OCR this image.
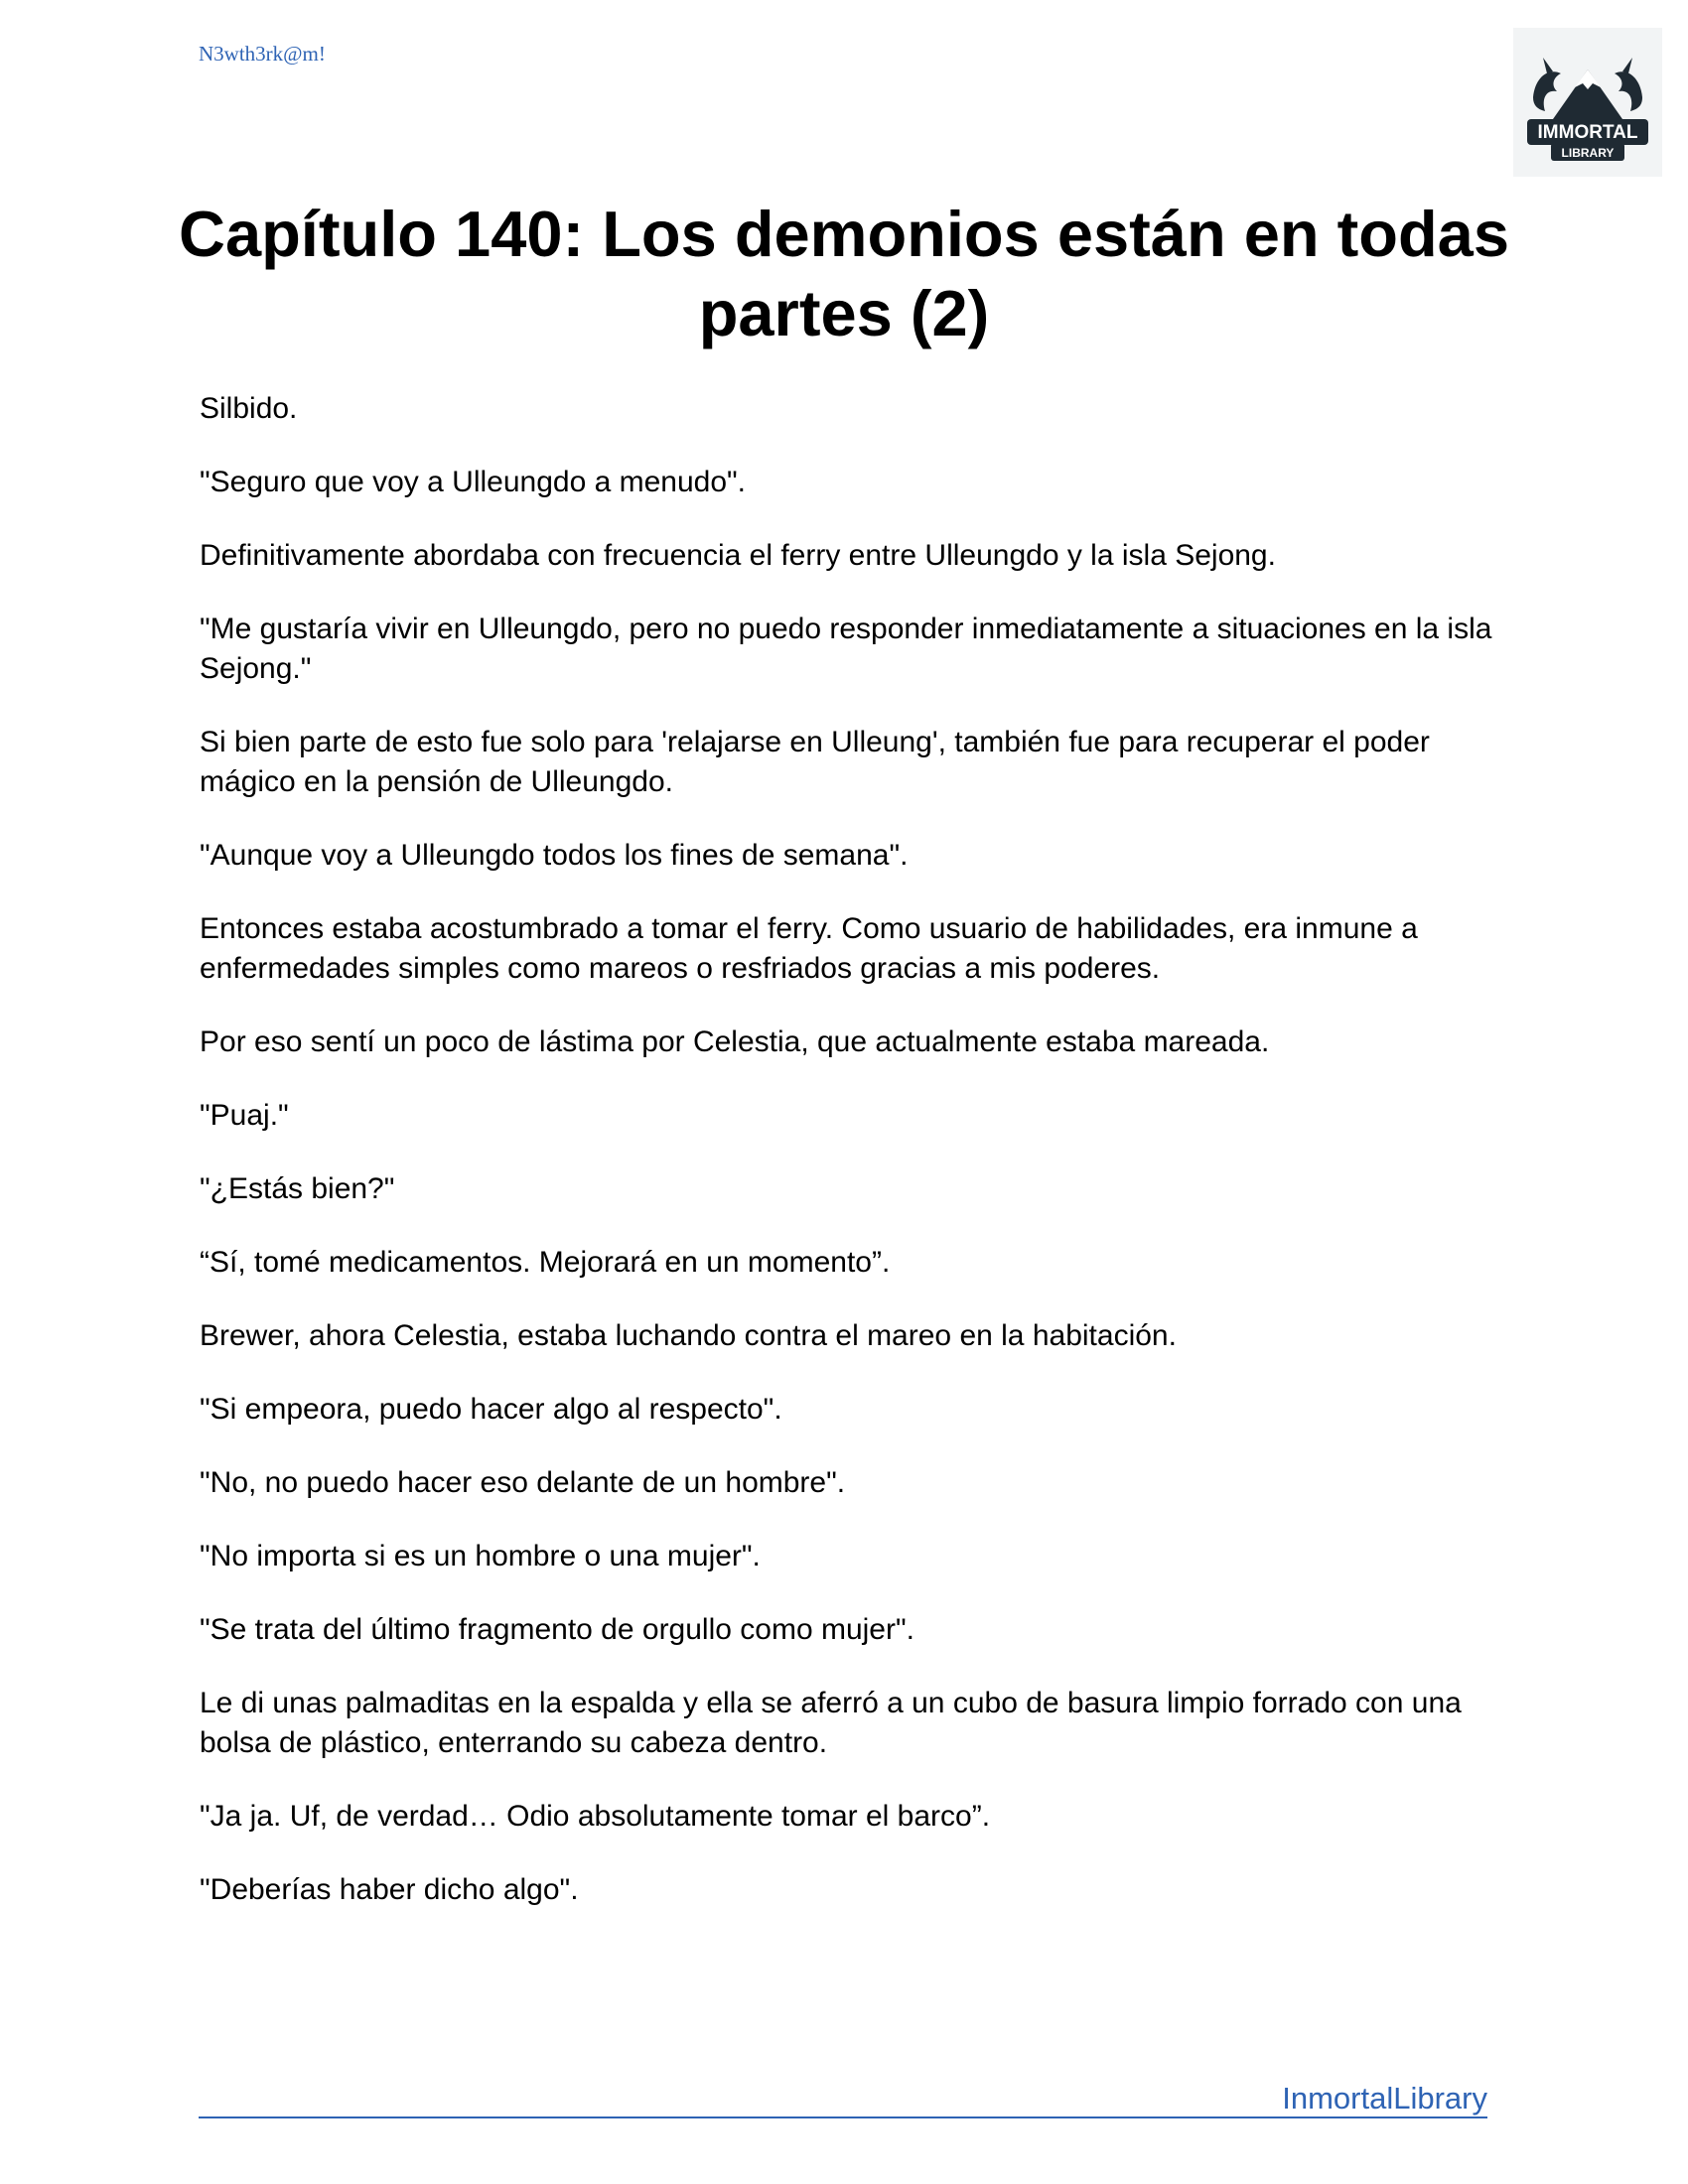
N3wth3rk@m!
IMMORTAL
LIBRARY
Capítulo 140: Los demonios están en todas partes (2)

Silbido.

"Seguro que voy a Ulleungdo a menudo".

Definitivamente abordaba con frecuencia el ferry entre Ulleungdo y la isla Sejong.

"Me gustaría vivir en Ulleungdo, pero no puedo responder inmediatamente a situaciones en la isla Sejong."

Si bien parte de esto fue solo para 'relajarse en Ulleung', también fue para recuperar el poder mágico en la pensión de Ulleungdo.

"Aunque voy a Ulleungdo todos los fines de semana".

Entonces estaba acostumbrado a tomar el ferry. Como usuario de habilidades, era inmune a enfermedades simples como mareos o resfriados gracias a mis poderes.

Por eso sentí un poco de lástima por Celestia, que actualmente estaba mareada.

"Puaj."

"¿Estás bien?"

“Sí, tomé medicamentos. Mejorará en un momento”.

Brewer, ahora Celestia, estaba luchando contra el mareo en la habitación.

"Si empeora, puedo hacer algo al respecto".

"No, no puedo hacer eso delante de un hombre".

"No importa si es un hombre o una mujer".

"Se trata del último fragmento de orgullo como mujer".

Le di unas palmaditas en la espalda y ella se aferró a un cubo de basura limpio forrado con una bolsa de plástico, enterrando su cabeza dentro.

"Ja ja. Uf, de verdad… Odio absolutamente tomar el barco”.

"Deberías haber dicho algo".

InmortalLibrary
